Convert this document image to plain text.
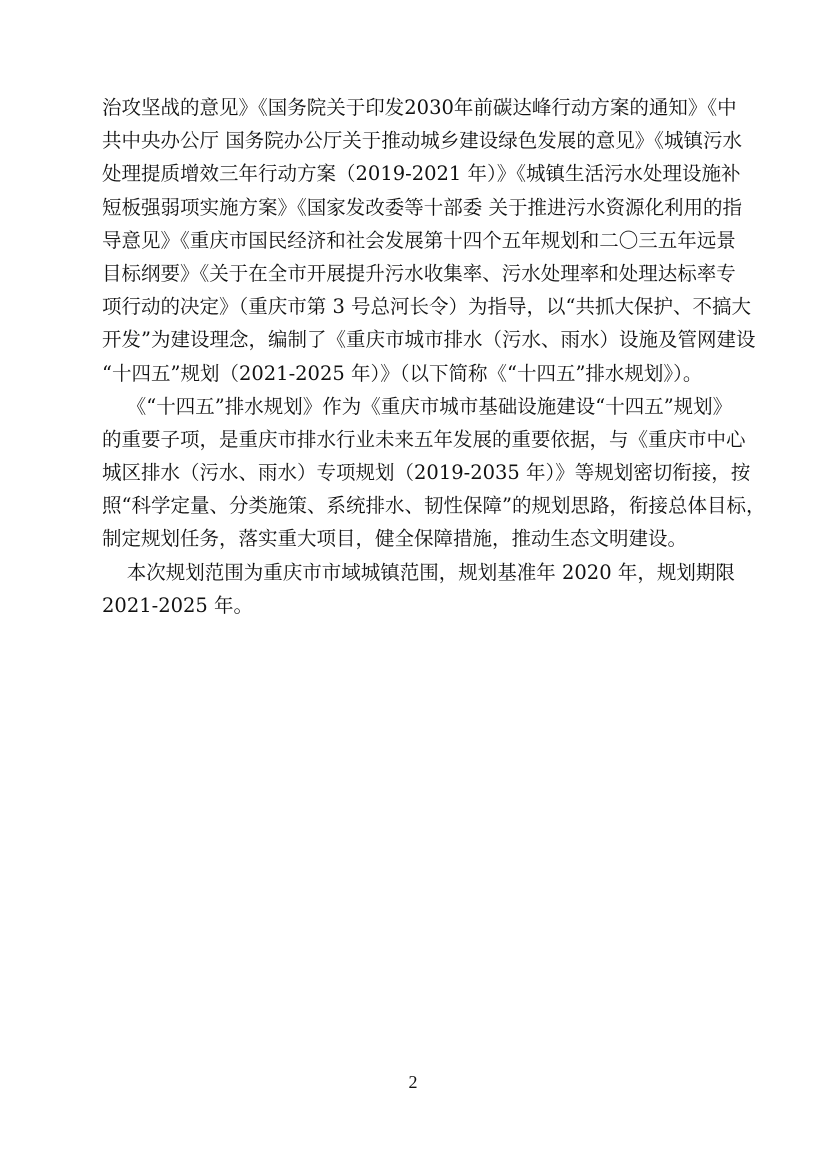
治攻坚战的意见》《国务院关于印发2030年前碳达峰行动方案的通知》《中
共中央办公厅 国务院办公厅关于推动城乡建设绿色发展的意见》《城镇污水
处理提质增效三年行动方案（2019-2021 年）》《城镇生活污水处理设施补
短板强弱项实施方案》《国家发改委等十部委 关于推进污水资源化利用的指
导意见》《重庆市国民经济和社会发展第十四个五年规划和二〇三五年远景
目标纲要》《关于在全市开展提升污水收集率、污水处理率和处理达标率专
项行动的决定》（重庆市第 3 号总河长令）为指导，以“共抓大保护、不搞大
开发”为建设理念，编制了《重庆市城市排水（污水、雨水）设施及管网建设
“十四五”规划（2021-2025 年）》（以下简称《“十四五”排水规划》）。
《“十四五”排水规划》作为《重庆市城市基础设施建设“十四五”规划》
的重要子项，是重庆市排水行业未来五年发展的重要依据，与《重庆市中心
城区排水（污水、雨水）专项规划（2019-2035 年）》等规划密切衔接，按
照“科学定量、分类施策、系统排水、韧性保障”的规划思路，衔接总体目标，
制定规划任务，落实重大项目，健全保障措施，推动生态文明建设。
本次规划范围为重庆市市域城镇范围，规划基准年 2020 年，规划期限
2021-2025 年。
2
